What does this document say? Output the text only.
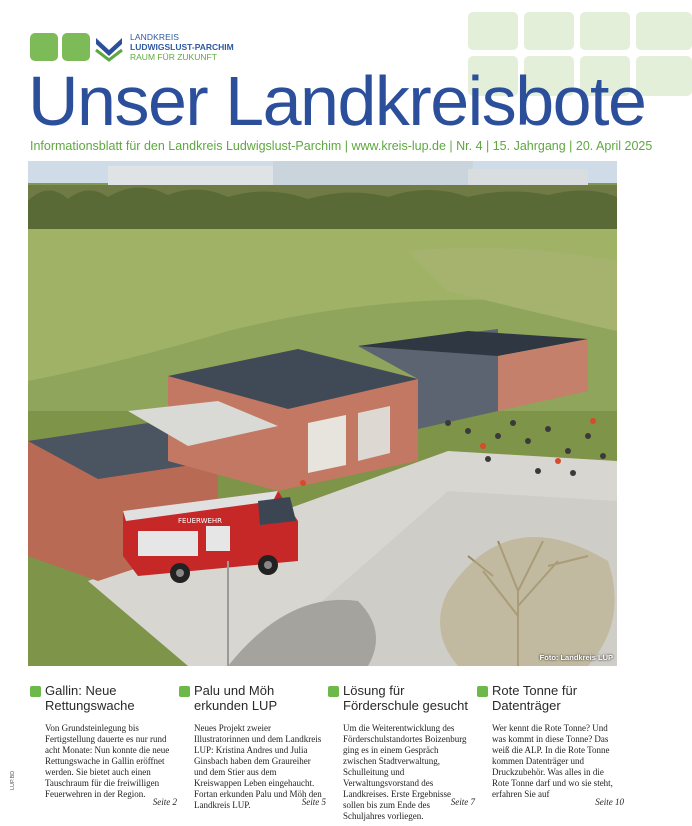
LANDKREIS
LUDWIGSLUST-PARCHIM
RAUM FÜR ZUKUNFT
Unser Landkreisbote
Informationsblatt für den Landkreis Ludwigslust-Parchim | www.kreis-lup.de | Nr. 4 | 15. Jahrgang | 20. April 2025
FEUERWEHR
Foto: Landkreis LUP
Gallin: Neue Rettungswache
Von Grundsteinlegung bis Fertigstellung dauerte es nur rund acht Monate: Nun konnte die neue Rettungswache in Gallin eröffnet werden. Sie bietet auch einen Tauschraum für die freiwilligen Feuerwehren in der Region.
Seite 2
Palu und Möh erkunden LUP
Neues Projekt zweier Illustratorinnen und dem Landkreis LUP: Kristina Andres und Julia Ginsbach haben dem Graureiher und dem Stier aus dem Kreiswappen Leben eingehaucht. Fortan erkunden Palu und Möh den Landkreis LUP.	Seite 5
Lösung für Förderschule gesucht
Um die Weiterentwicklung des Förderschulstandortes Boizenburg ging es in einem Gespräch zwischen Stadtverwaltung, Schulleitung und Verwaltungsvorstand des Landkreises. Erste Ergebnisse sollen bis zum Ende des Schuljahres vorliegen.
Seite 7
Rote Tonne für Datenträger
Wer kennt die Rote Tonne? Und was kommt in diese Tonne? Das weiß die ALP. In die Rote Tonne kommen Datenträger und Druckzubehör. Was alles in die Rote Tonne darf und wo sie steht, erfahren Sie auf
Seite 10
LUP.BD
